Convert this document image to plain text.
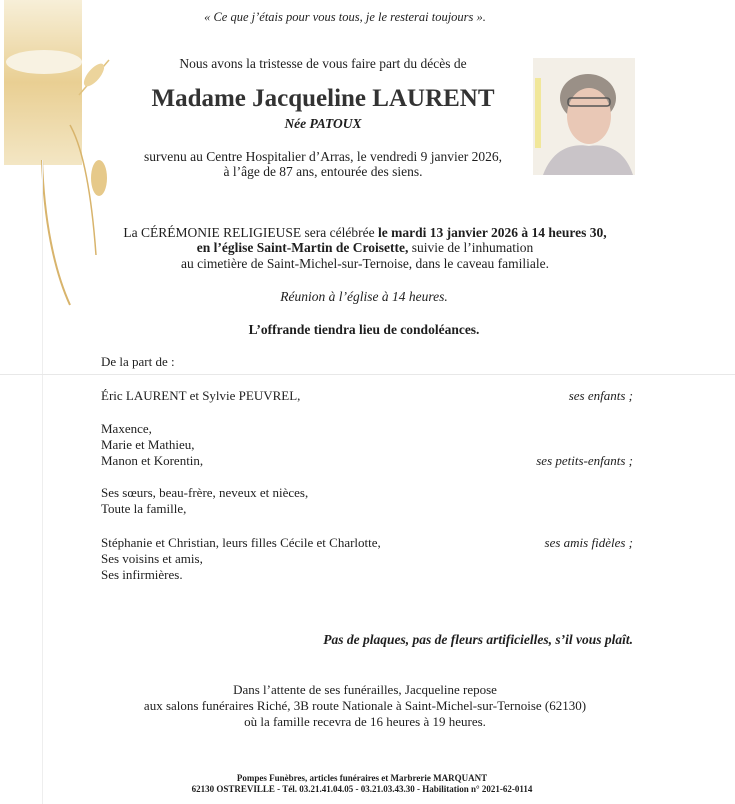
« Ce que j’étais pour vous tous, je le resterai toujours ».
Nous avons la tristesse de vous faire part du décès de
Madame Jacqueline LAURENT
Née PATOUX
survenu au Centre Hospitalier d’Arras, le vendredi 9 janvier 2026,
à l’âge de 87 ans, entourée des siens.
La CÉRÉMONIE RELIGIEUSE sera célébrée le mardi 13 janvier 2026 à 14 heures 30,
en l’église Saint-Martin de Croisette, suivie de l’inhumation
au cimetière de Saint-Michel-sur-Ternoise, dans le caveau familiale.
Réunion à l’église à 14 heures.
L’offrande tiendra lieu de condoléances.
De la part de :
Éric LAURENT et Sylvie PEUVREL,	ses enfants ;
Maxence,
Marie et Mathieu,
Manon et Korentin,	ses petits-enfants ;
Ses sœurs, beau-frère, neveux et nièces,
Toute la famille,
Stéphanie et Christian, leurs filles Cécile et Charlotte,
Ses voisins et amis,
Ses infirmières.
ses amis fidèles ;
Pas de plaques, pas de fleurs artificielles, s’il vous plaît.
Dans l’attente de ses funérailles, Jacqueline repose
aux salons funéraires Riché, 3B route Nationale à Saint-Michel-sur-Ternoise (62130)
où la famille recevra de 16 heures à 19 heures.
Pompes Funèbres, articles funéraires et Marbrerie MARQUANT
62130 OSTREVILLE - Tél. 03.21.41.04.05 - 03.21.03.43.30 - Habilitation n° 2021-62-0114
